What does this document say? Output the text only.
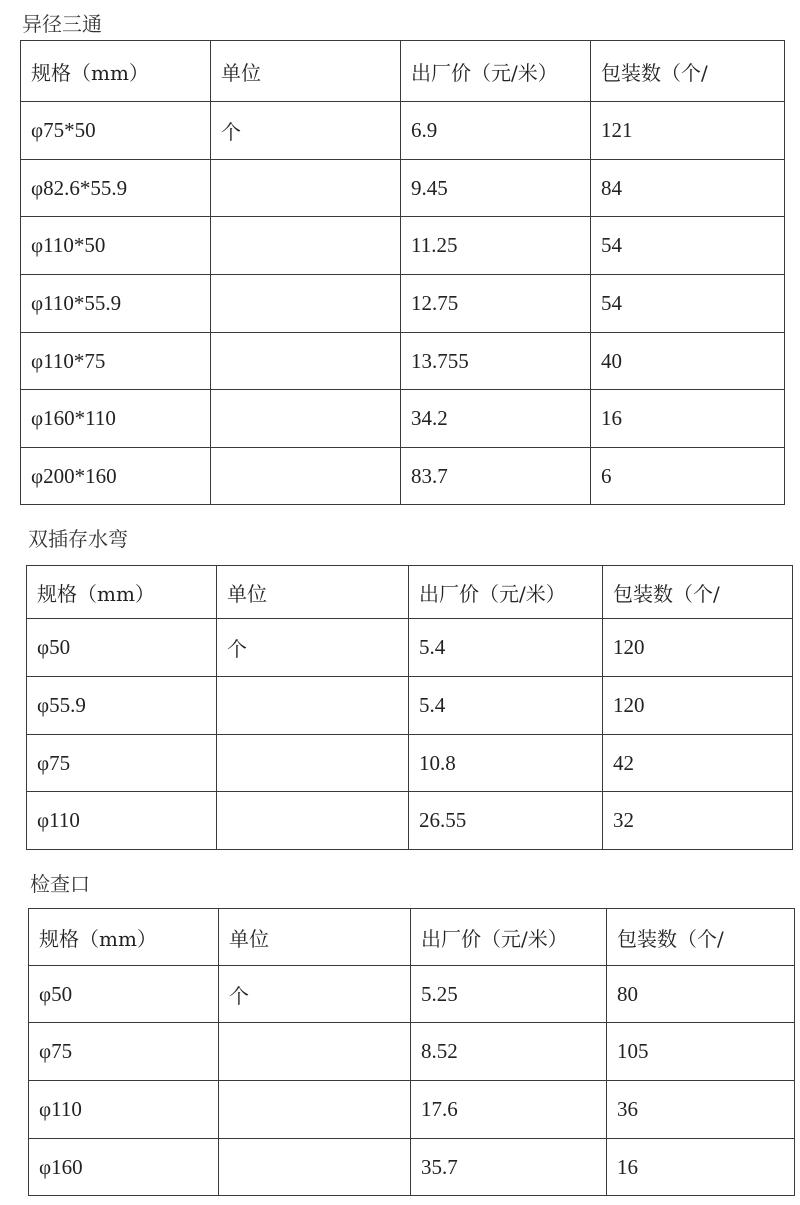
异径三通
规格（mm）	单位	出厂价（元/米）	包装数（个/
φ75*50	个	6.9	121
φ82.6*55.9		9.45	84
φ110*50		11.25	54
φ110*55.9		12.75	54
φ110*75		13.755	40
φ160*110		34.2	16
φ200*160		83.7	6
双插存水弯
规格（mm）	单位	出厂价（元/米）	包装数（个/
φ50	个	5.4	120
φ55.9		5.4	120
φ75		10.8	42
φ110		26.55	32
检查口
规格（mm）	单位	出厂价（元/米）	包装数（个/
φ50	个	5.25	80
φ75		8.52	105
φ110		17.6	36
φ160		35.7	16
